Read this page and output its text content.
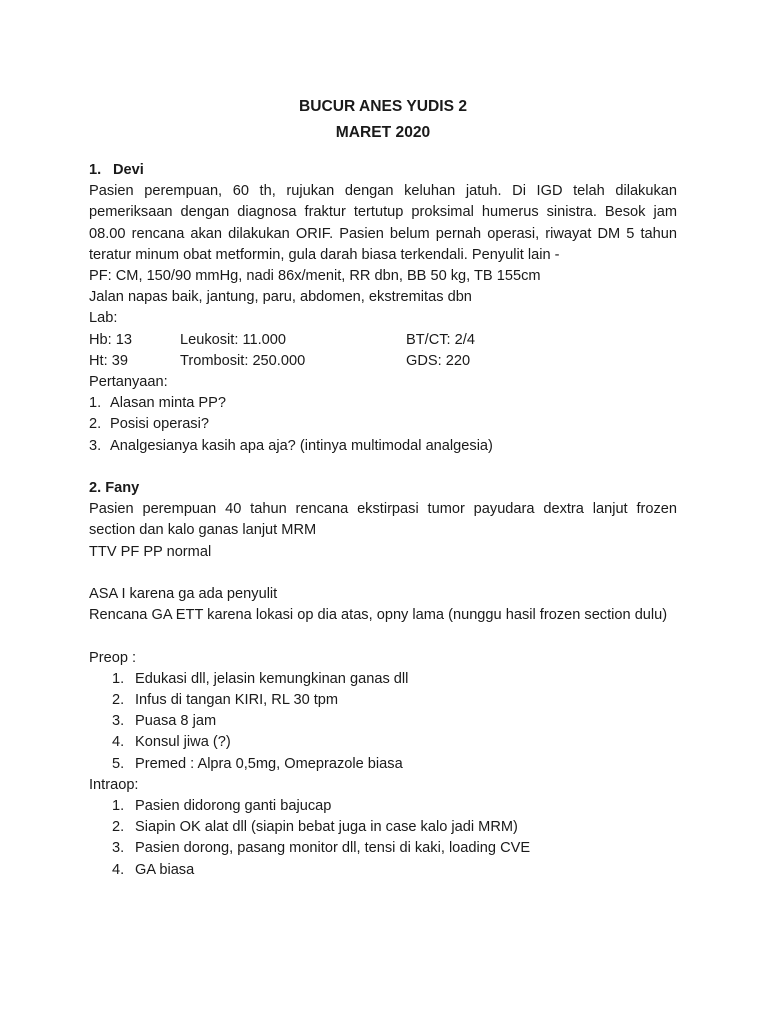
BUCUR ANES YUDIS 2
MARET 2020
1. Devi

Pasien perempuan, 60 th, rujukan dengan keluhan jatuh. Di IGD telah dilakukan pemeriksaan dengan diagnosa fraktur tertutup proksimal humerus sinistra. Besok jam 08.00 rencana akan dilakukan ORIF. Pasien belum pernah operasi, riwayat DM 5 tahun teratur minum obat metformin, gula darah biasa terkendali. Penyulit lain -

PF: CM, 150/90 mmHg, nadi 86x/menit, RR dbn, BB 50 kg, TB 155cm

Jalan napas baik, jantung, paru, abdomen, ekstremitas dbn

Lab:

Hb: 13	Leukosit: 11.000	BT/CT: 2/4
Ht: 39	Trombosit: 250.000	GDS: 220

Pertanyaan:

1. Alasan minta PP?
2. Posisi operasi?
3. Analgesianya kasih apa aja? (intinya multimodal analgesia)
2. Fany

Pasien perempuan 40 tahun rencana ekstirpasi tumor payudara dextra lanjut frozen section dan kalo ganas lanjut MRM

TTV PF PP normal

ASA I karena ga ada penyulit

Rencana GA ETT karena lokasi op dia atas, opny lama (nunggu hasil frozen section dulu)

Preop :

1. Edukasi dll, jelasin kemungkinan ganas dll
2. Infus di tangan KIRI, RL 30 tpm
3. Puasa 8 jam
4. Konsul jiwa (?)
5. Premed : Alpra 0,5mg, Omeprazole biasa

Intraop:

1. Pasien didorong ganti bajucap
2. Siapin OK alat dll (siapin bebat juga in case kalo jadi MRM)
3. Pasien dorong, pasang monitor dll, tensi di kaki, loading CVE
4. GA biasa
